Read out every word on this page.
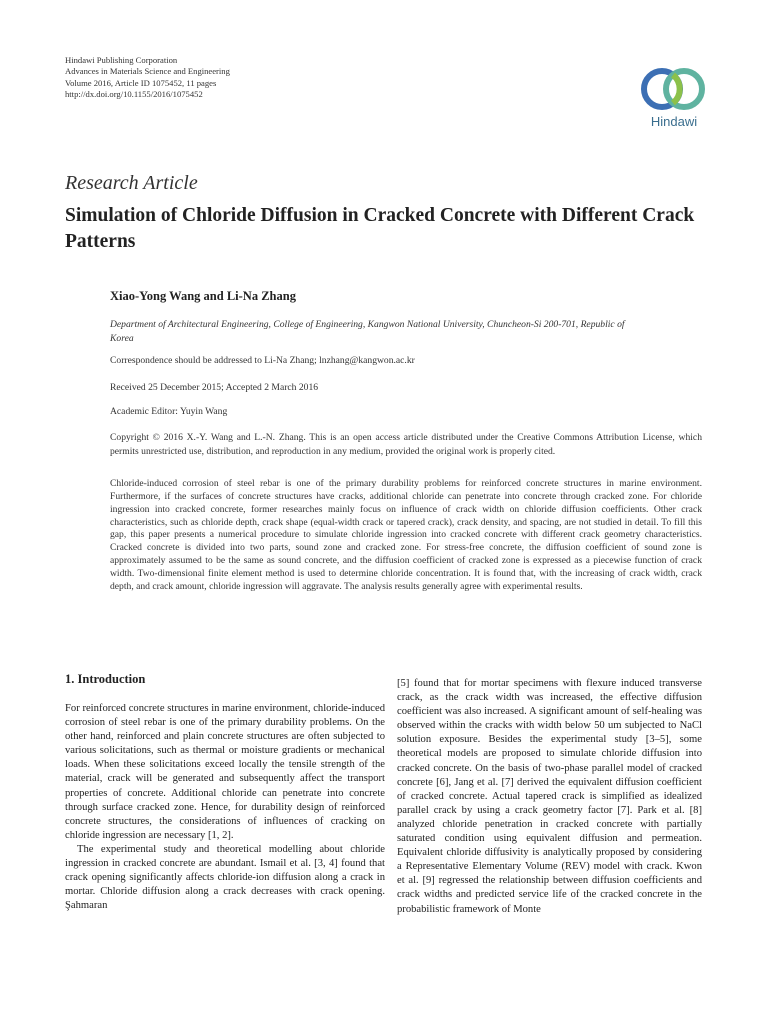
Hindawi Publishing Corporation
Advances in Materials Science and Engineering
Volume 2016, Article ID 1075452, 11 pages
http://dx.doi.org/10.1155/2016/1075452
Hindawi
Research Article
Simulation of Chloride Diffusion in Cracked Concrete with Different Crack Patterns
Xiao-Yong Wang and Li-Na Zhang
Department of Architectural Engineering, College of Engineering, Kangwon National University, Chuncheon-Si 200-701, Republic of Korea
Correspondence should be addressed to Li-Na Zhang; lnzhang@kangwon.ac.kr
Received 25 December 2015; Accepted 2 March 2016
Academic Editor: Yuyin Wang
Copyright © 2016 X.-Y. Wang and L.-N. Zhang. This is an open access article distributed under the Creative Commons Attribution License, which permits unrestricted use, distribution, and reproduction in any medium, provided the original work is properly cited.
Chloride-induced corrosion of steel rebar is one of the primary durability problems for reinforced concrete structures in marine environment. Furthermore, if the surfaces of concrete structures have cracks, additional chloride can penetrate into concrete through cracked zone. For chloride ingression into cracked concrete, former researches mainly focus on influence of crack width on chloride diffusion coefficients. Other crack characteristics, such as chloride depth, crack shape (equal-width crack or tapered crack), crack density, and spacing, are not studied in detail. To fill this gap, this paper presents a numerical procedure to simulate chloride ingression into cracked concrete with different crack geometry characteristics. Cracked concrete is divided into two parts, sound zone and cracked zone. For stress-free concrete, the diffusion coefficient of sound zone is approximately assumed to be the same as sound concrete, and the diffusion coefficient of cracked zone is expressed as a piecewise function of crack width. Two-dimensional finite element method is used to determine chloride concentration. It is found that, with the increasing of crack width, crack depth, and crack amount, chloride ingression will aggravate. The analysis results generally agree with experimental results.
1. Introduction

For reinforced concrete structures in marine environment, chloride-induced corrosion of steel rebar is one of the primary durability problems. On the other hand, reinforced and plain concrete structures are often subjected to various solicitations, such as thermal or moisture gradients or mechanical loads. When these solicitations exceed locally the tensile strength of the material, crack will be generated and subsequently affect the transport properties of concrete. Additional chloride can penetrate into concrete through surface cracked zone. Hence, for durability design of reinforced concrete structures, the considerations of influences of cracking on chloride ingression are necessary [1, 2].

The experimental study and theoretical modelling about chloride ingression in cracked concrete are abundant. Ismail et al. [3, 4] found that crack opening significantly affects chloride-ion diffusion along a crack in mortar. Chloride diffusion along a crack decreases with crack opening. Şahmaran

[5] found that for mortar specimens with flexure induced transverse crack, as the crack width was increased, the effective diffusion coefficient was also increased. A significant amount of self-healing was observed within the cracks with width below 50 um subjected to NaCl solution exposure. Besides the experimental study [3–5], some theoretical models are proposed to simulate chloride diffusion into cracked concrete. On the basis of two-phase parallel model of cracked concrete [6], Jang et al. [7] derived the equivalent diffusion coefficient of cracked concrete. Actual tapered crack is simplified as idealized parallel crack by using a crack geometry factor [7]. Park et al. [8] analyzed chloride penetration in cracked concrete with partially saturated condition using equivalent diffusion and permeation. Equivalent chloride diffusivity is analytically proposed by considering a Representative Elementary Volume (REV) model with crack. Kwon et al. [9] regressed the relationship between diffusion coefficients and crack widths and predicted service life of the cracked concrete in the probabilistic framework of Monte
